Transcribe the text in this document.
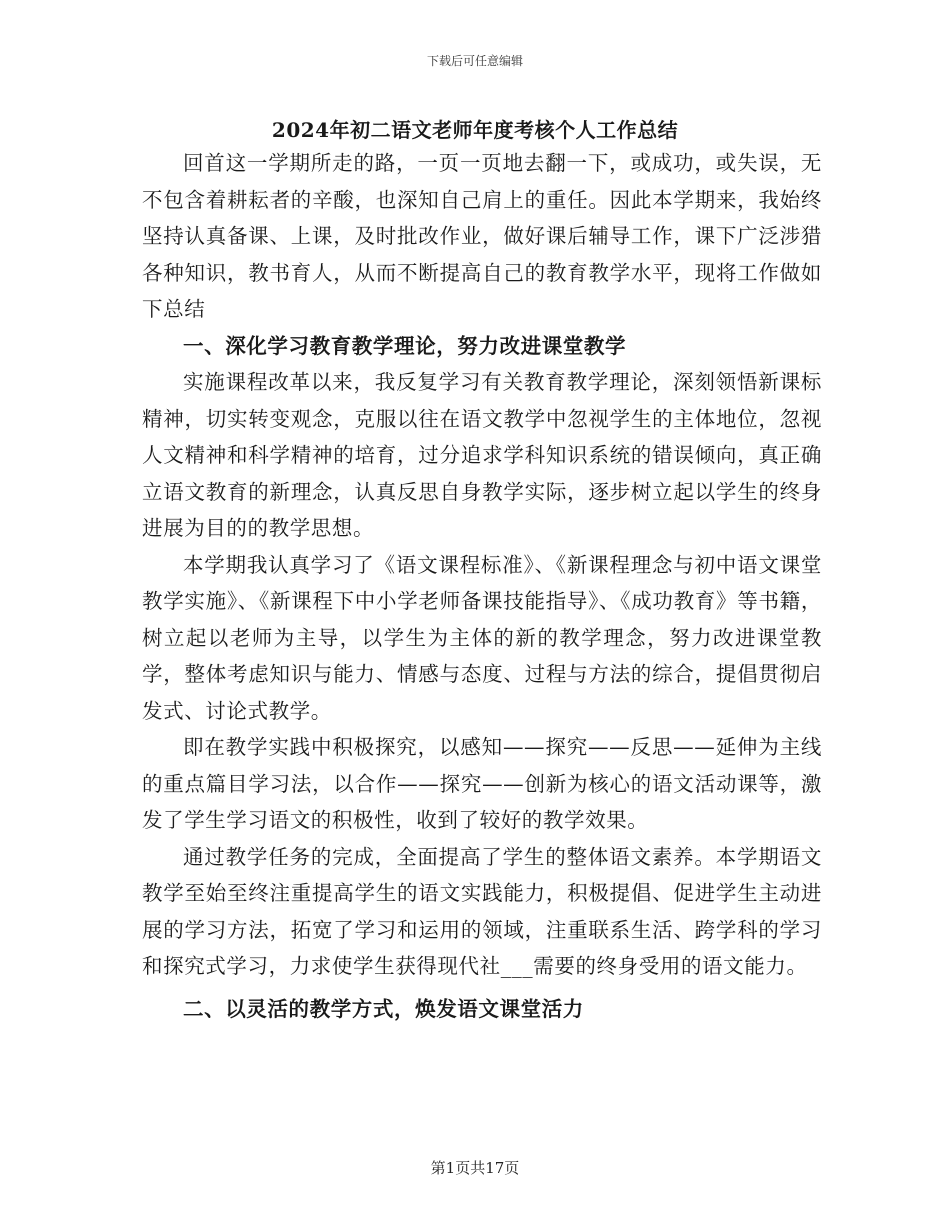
下载后可任意编辑
2024年初二语文老师年度考核个人工作总结

回首这一学期所走的路，一页一页地去翻一下，或成功，或失误，无不包含着耕耘者的辛酸，也深知自己肩上的重任。因此本学期来，我始终坚持认真备课、上课，及时批改作业，做好课后辅导工作，课下广泛涉猎各种知识，教书育人，从而不断提高自己的教育教学水平，现将工作做如下总结

一、深化学习教育教学理论，努力改进课堂教学

实施课程改革以来，我反复学习有关教育教学理论，深刻领悟新课标精神，切实转变观念，克服以往在语文教学中忽视学生的主体地位，忽视人文精神和科学精神的培育，过分追求学科知识系统的错误倾向，真正确立语文教育的新理念，认真反思自身教学实际，逐步树立起以学生的终身进展为目的的教学思想。

本学期我认真学习了《语文课程标准》、《新课程理念与初中语文课堂教学实施》、《新课程下中小学老师备课技能指导》、《成功教育》等书籍，树立起以老师为主导，以学生为主体的新的教学理念，努力改进课堂教学，整体考虑知识与能力、情感与态度、过程与方法的综合，提倡贯彻启发式、讨论式教学。

即在教学实践中积极探究，以感知——探究——反思——延伸为主线的重点篇目学习法，以合作——探究——创新为核心的语文活动课等，激发了学生学习语文的积极性，收到了较好的教学效果。

通过教学任务的完成，全面提高了学生的整体语文素养。本学期语文教学至始至终注重提高学生的语文实践能力，积极提倡、促进学生主动进展的学习方法，拓宽了学习和运用的领域，注重联系生活、跨学科的学习和探究式学习，力求使学生获得现代社___需要的终身受用的语文能力。

二、以灵活的教学方式，焕发语文课堂活力

第1页共17页
